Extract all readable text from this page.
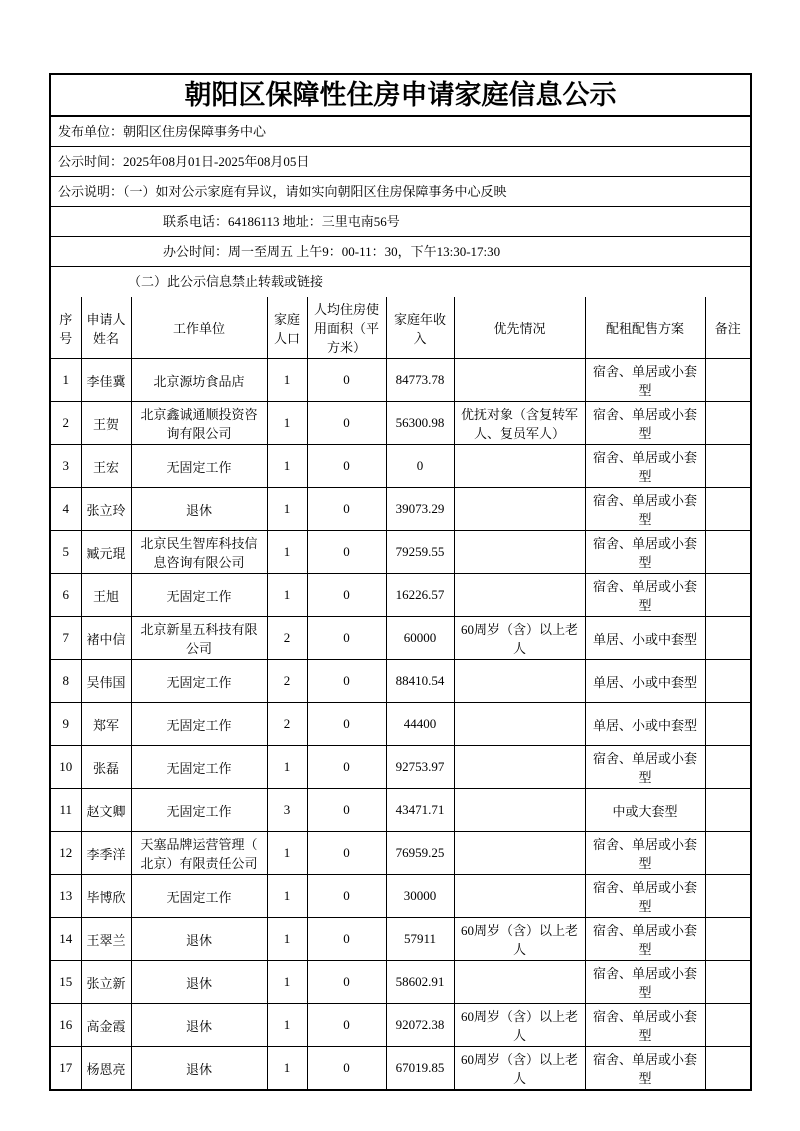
朝阳区保障性住房申请家庭信息公示
发布单位：朝阳区住房保障事务中心
公示时间：2025年08月01日-2025年08月05日
公示说明：（一）如对公示家庭有异议，请如实向朝阳区住房保障事务中心反映
联系电话：64186113 地址：三里屯南56号
办公时间：周一至周五 上午9：00-11：30，下午13:30-17:30
（二）此公示信息禁止转载或链接
序号	申请人姓名	工作单位	家庭人口	人均住房使用面积（平方米）	家庭年收入	优先情况	配租配售方案	备注
1	李佳冀	北京源坊食品店	1	0	84773.78		宿舍、单居或小套型	
2	王贺	北京鑫诚通顺投资咨询有限公司	1	0	56300.98	优抚对象（含复转军人、复员军人）	宿舍、单居或小套型	
3	王宏	无固定工作	1	0	0		宿舍、单居或小套型	
4	张立玲	退休	1	0	39073.29		宿舍、单居或小套型	
5	臧元琨	北京民生智库科技信息咨询有限公司	1	0	79259.55		宿舍、单居或小套型	
6	王旭	无固定工作	1	0	16226.57		宿舍、单居或小套型	
7	褚中信	北京新星五科技有限公司	2	0	60000	60周岁（含）以上老人	单居、小或中套型	
8	吴伟国	无固定工作	2	0	88410.54		单居、小或中套型	
9	郑军	无固定工作	2	0	44400		单居、小或中套型	
10	张磊	无固定工作	1	0	92753.97		宿舍、单居或小套型	
11	赵文卿	无固定工作	3	0	43471.71		中或大套型	
12	李季洋	天塞品牌运营管理（北京）有限责任公司	1	0	76959.25		宿舍、单居或小套型	
13	毕博欣	无固定工作	1	0	30000		宿舍、单居或小套型	
14	王翠兰	退休	1	0	57911	60周岁（含）以上老人	宿舍、单居或小套型	
15	张立新	退休	1	0	58602.91		宿舍、单居或小套型	
16	高金霞	退休	1	0	92072.38	60周岁（含）以上老人	宿舍、单居或小套型	
17	杨恩亮	退休	1	0	67019.85	60周岁（含）以上老人	宿舍、单居或小套型	
